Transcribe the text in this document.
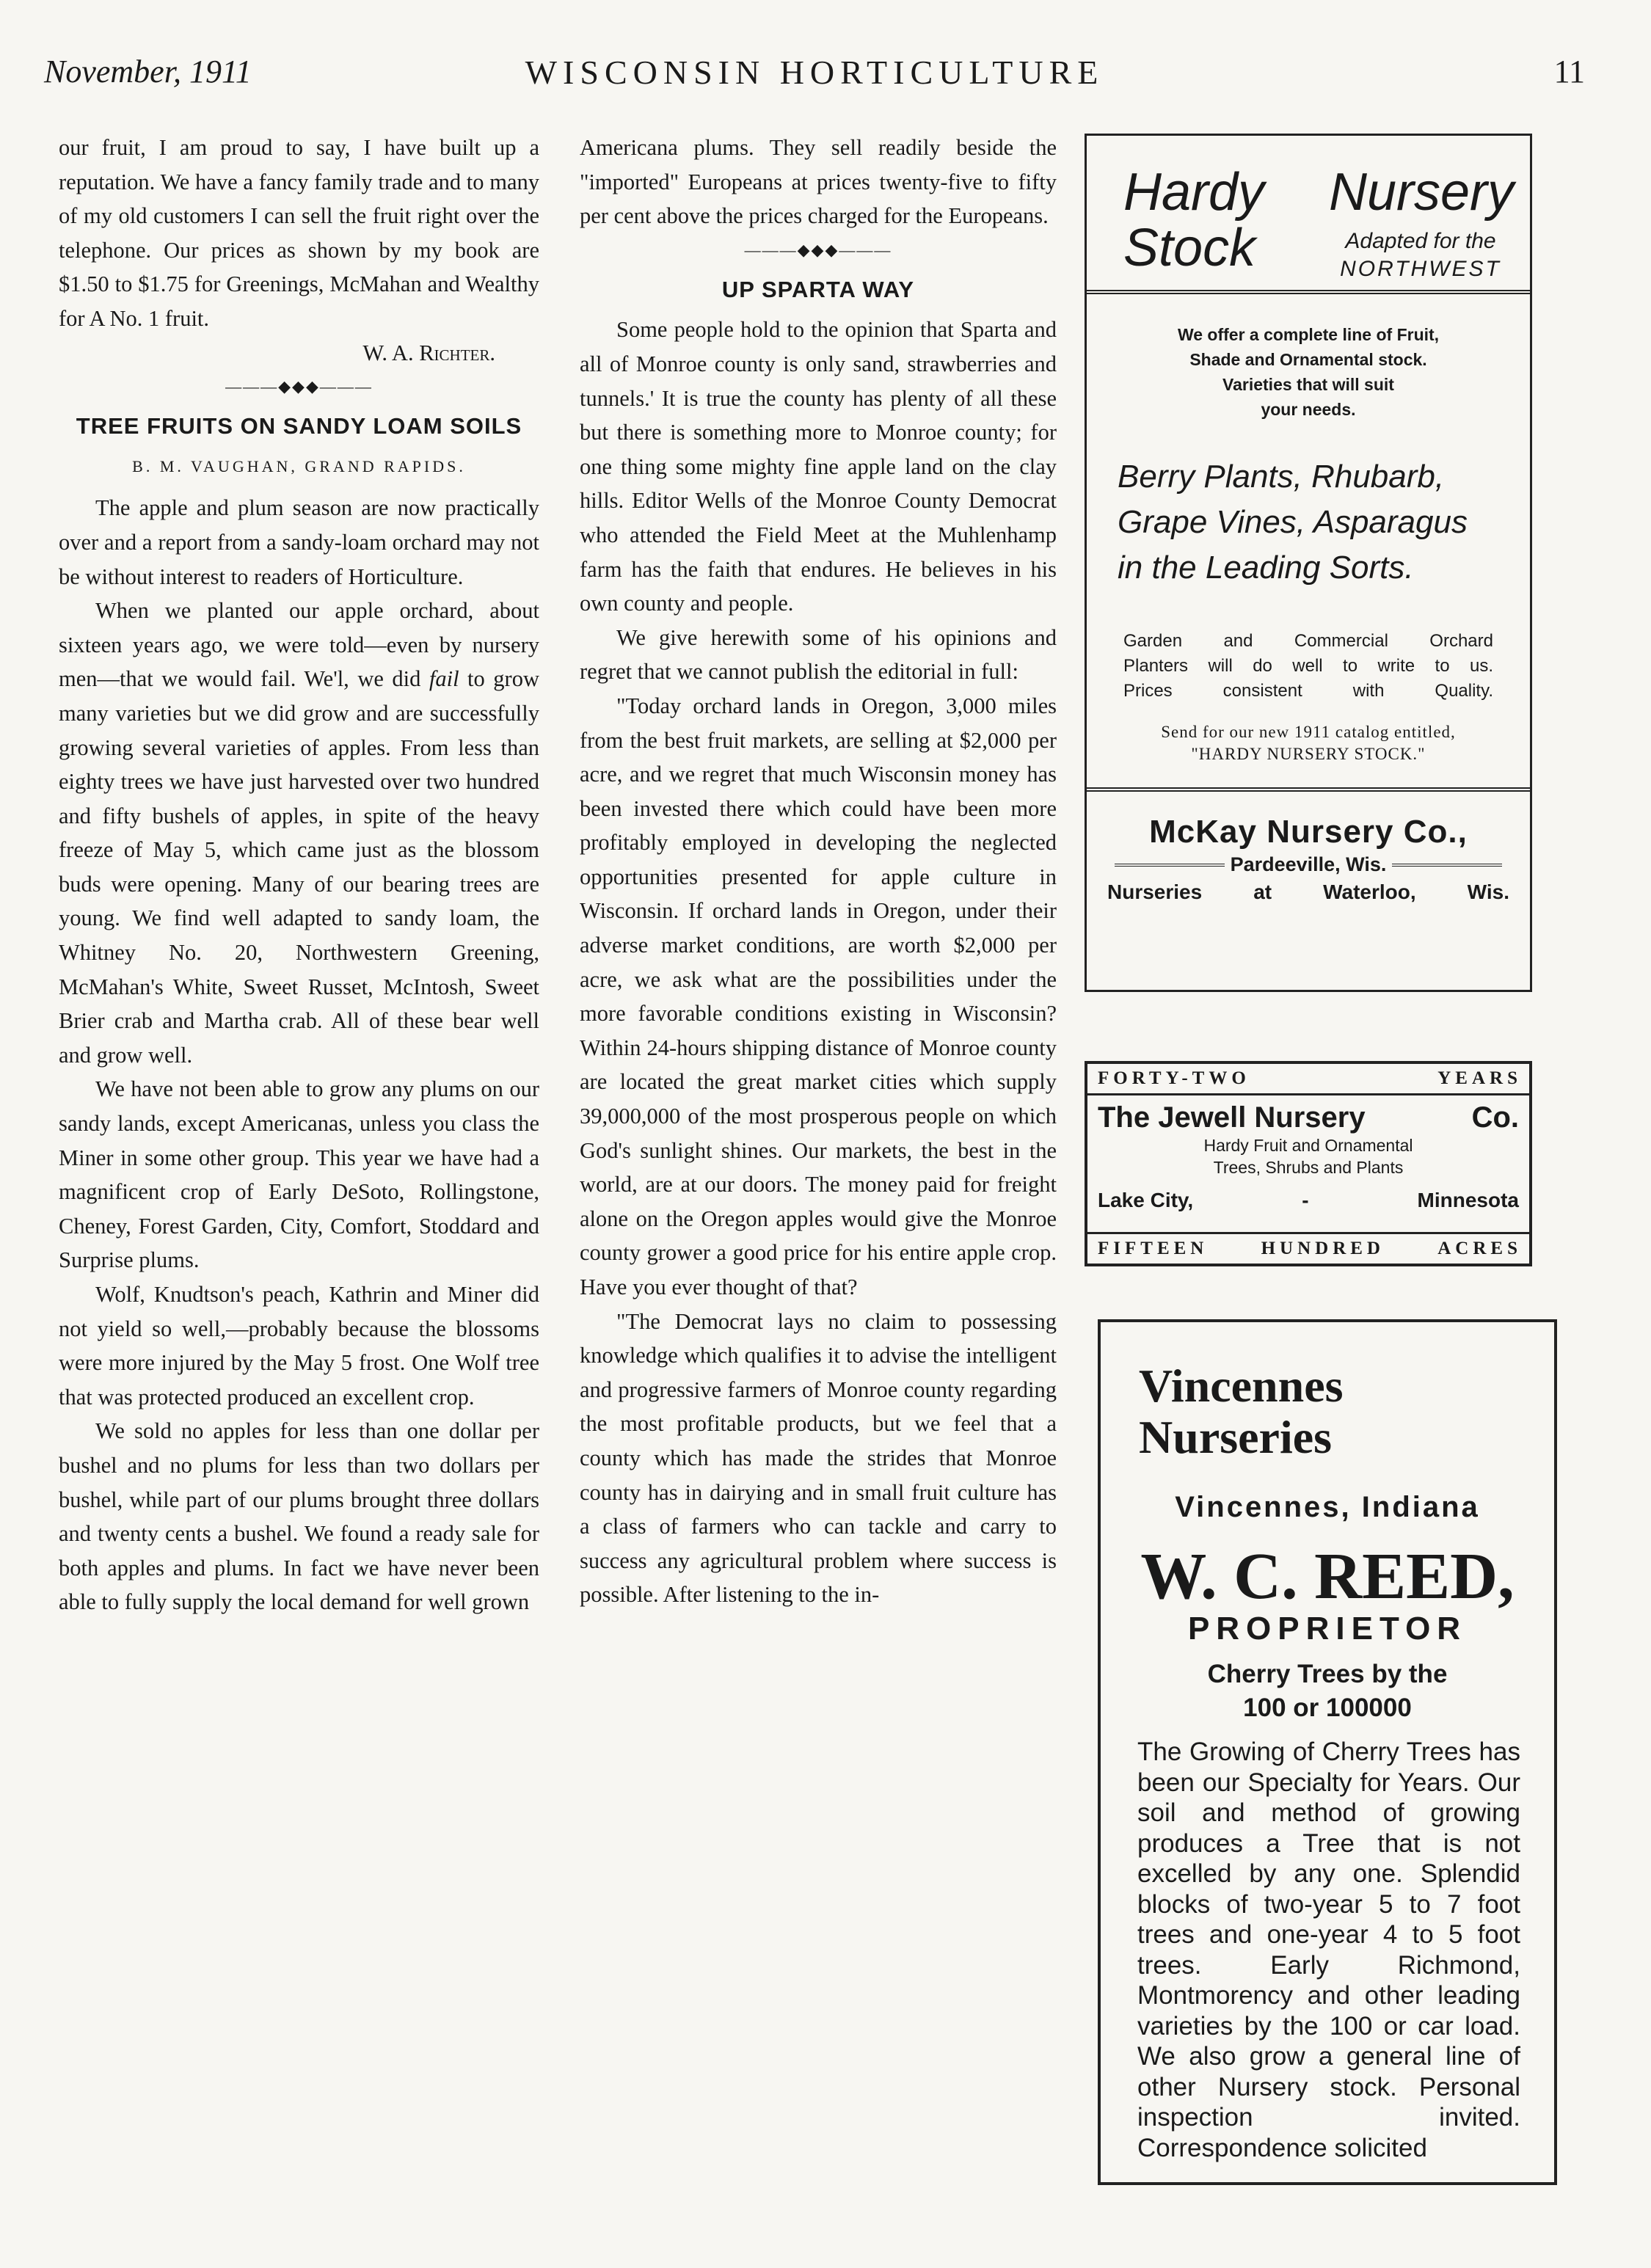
November, 1911	WISCONSIN HORTICULTURE	11

our fruit, I am proud to say, I have built up a reputation. We have a fancy family trade and to many of my old customers I can sell the fruit right over the telephone. Our prices as shown by my book are $1.50 to $1.75 for Greenings, McMahan and Wealthy for A No. 1 fruit.

W. A. Richter.
———◆◆◆———
TREE FRUITS ON SANDY LOAM SOILS
B. M. VAUGHAN, GRAND RAPIDS.

The apple and plum season are now practically over and a report from a sandy-loam orchard may not be without interest to readers of Horticulture.

When we planted our apple orchard, about sixteen years ago, we were told—even by nursery men—that we would fail. We'l, we did fail to grow many varieties but we did grow and are successfully growing several varieties of apples. From less than eighty trees we have just harvested over two hundred and fifty bushels of apples, in spite of the heavy freeze of May 5, which came just as the blossom buds were opening. Many of our bearing trees are young. We find well adapted to sandy loam, the Whitney No. 20, Northwestern Greening, McMahan's White, Sweet Russet, McIntosh, Sweet Brier crab and Martha crab. All of these bear well and grow well.

We have not been able to grow any plums on our sandy lands, except Americanas, unless you class the Miner in some other group. This year we have had a magnificent crop of Early DeSoto, Rollingstone, Cheney, Forest Garden, City, Comfort, Stoddard and Surprise plums.

Wolf, Knudtson's peach, Kathrin and Miner did not yield so well,—probably because the blossoms were more injured by the May 5 frost. One Wolf tree that was protected produced an excellent crop.

We sold no apples for less than one dollar per bushel and no plums for less than two dollars per bushel, while part of our plums brought three dollars and twenty cents a bushel. We found a ready sale for both apples and plums. In fact we have never been able to fully supply the local demand for well grown

Americana plums. They sell readily beside the "imported" Europeans at prices twenty-five to fifty per cent above the prices charged for the Europeans.

———◆◆◆———
UP SPARTA WAY

Some people hold to the opinion that Sparta and all of Monroe county is only sand, strawberries and tunnels.' It is true the county has plenty of all these but there is something more to Monroe county; for one thing some mighty fine apple land on the clay hills. Editor Wells of the Monroe County Democrat who attended the Field Meet at the Muhlenhamp farm has the faith that endures. He believes in his own county and people.

We give herewith some of his opinions and regret that we cannot publish the editorial in full:

"Today orchard lands in Oregon, 3,000 miles from the best fruit markets, are selling at $2,000 per acre, and we regret that much Wisconsin money has been invested there which could have been more profitably employed in developing the neglected opportunities presented for apple culture in Wisconsin. If orchard lands in Oregon, under their adverse market conditions, are worth $2,000 per acre, we ask what are the possibilities under the more favorable conditions existing in Wisconsin? Within 24-hours shipping distance of Monroe county are located the great market cities which supply 39,000,000 of the most prosperous people on which God's sunlight shines. Our markets, the best in the world, are at our doors. The money paid for freight alone on the Oregon apples would give the Monroe county grower a good price for his entire apple crop. Have you ever thought of that?

"The Democrat lays no claim to possessing knowledge which qualifies it to advise the intelligent and progressive farmers of Monroe county regarding the most profitable products, but we feel that a county which has made the strides that Monroe county has in dairying and in small fruit culture has a class of farmers who can tackle and carry to success any agricultural problem where success is possible. After listening to the in-

Hardy Nursery
Stock	Adapted for the
NORTHWEST
We offer a complete line of Fruit,
Shade and Ornamental stock.
Varieties that will suit
your needs.
Berry Plants, Rhubarb,
Grape Vines, Asparagus
in the Leading Sorts.
Garden and Commercial Orchard
Planters will do well to write to us.
Prices consistent with Quality.
Send for our new 1911 catalog entitled,
"HARDY NURSERY STOCK."
McKay Nursery Co.,
Pardeeville, Wis.
Nurseries	at	Waterloo,	Wis.
FORTY-TWO	YEARS
The Jewell Nursery	Co.
Hardy Fruit and Ornamental
Trees, Shrubs and Plants
Lake City,	-	Minnesota
FIFTEEN	HUNDRED	ACRES
Vincennes
Nurseries
Vincennes, Indiana
W. C. REED,
PROPRIETOR
Cherry Trees by the
100 or 100000
The Growing of Cherry Trees has been our Specialty for Years. Our soil and method of growing produces a Tree that is not excelled by any one. Splendid blocks of two-year 5 to 7 foot trees and one-year 4 to 5 foot trees. Early Richmond, Montmorency and other leading varieties by the 100 or car load. We also grow a general line of other Nursery stock. Personal inspection invited. Correspondence solicited
